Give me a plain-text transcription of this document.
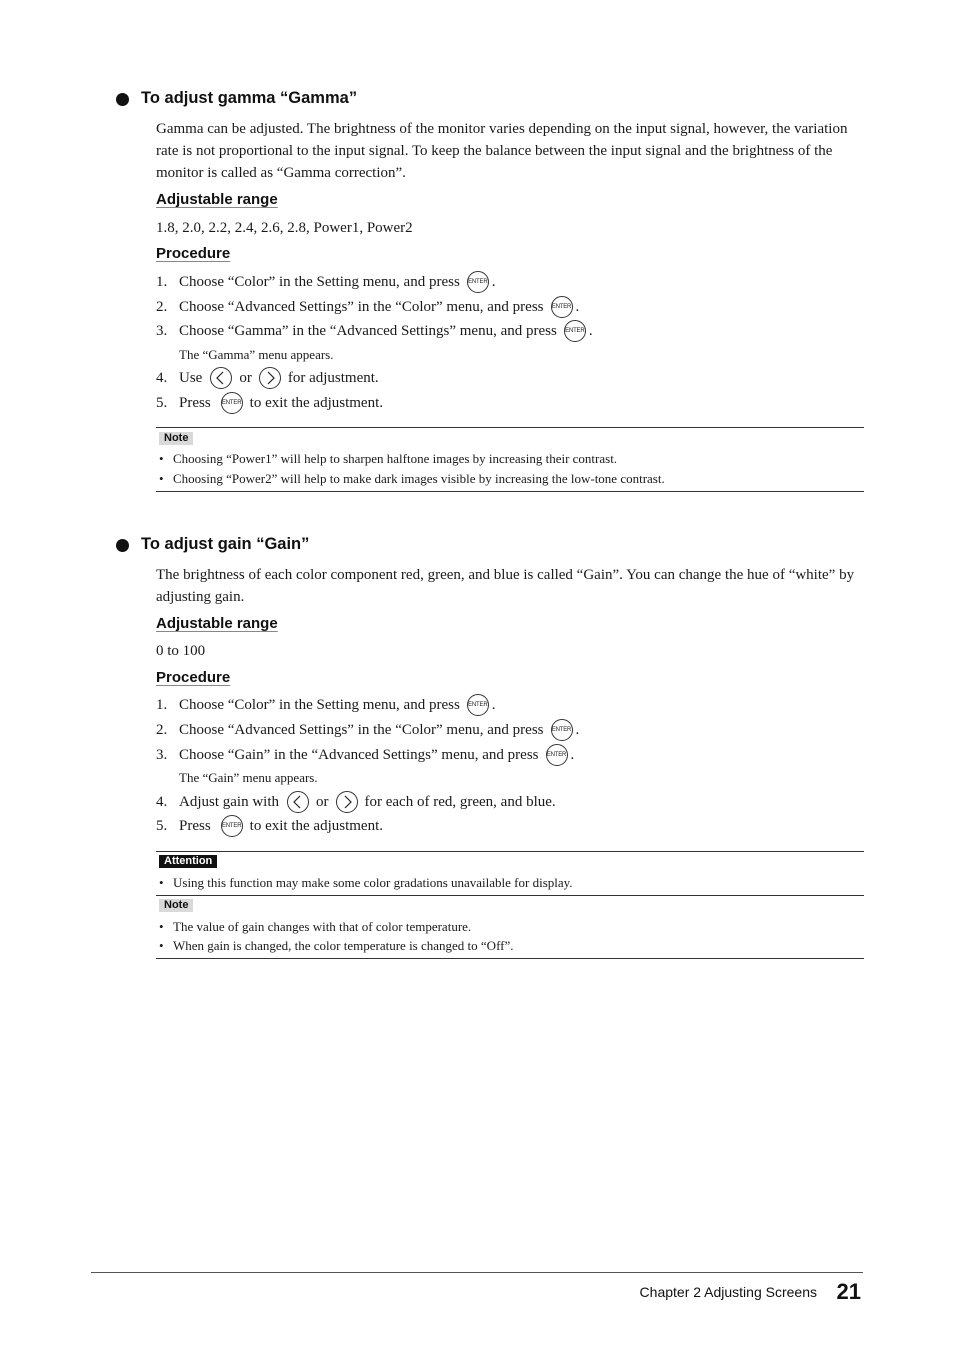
To adjust gamma “Gamma”
Gamma can be adjusted. The brightness of the monitor varies depending on the input signal, however, the variation rate is not proportional to the input signal. To keep the balance between the input signal and the brightness of the monitor is called as “Gamma correction”.
Adjustable range
1.8, 2.0, 2.2, 2.4, 2.6, 2.8, Power1, Power2
Procedure
1. Choose “Color” in the Setting menu, and press ENTER .
2. Choose “Advanced Settings” in the “Color” menu, and press ENTER .
3. Choose “Gamma” in the “Advanced Settings” menu, and press ENTER .
The “Gamma” menu appears.
4. Use or for adjustment.
5. Press ENTER to exit the adjustment.
Note
• Choosing “Power1” will help to sharpen halftone images by increasing their contrast.
• Choosing “Power2” will help to make dark images visible by increasing the low-tone contrast.
To adjust gain “Gain”
The brightness of each color component red, green, and blue is called “Gain”. You can change the hue of “white” by adjusting gain.
Adjustable range
0 to 100
Procedure
1. Choose “Color” in the Setting menu, and press ENTER .
2. Choose “Advanced Settings” in the “Color” menu, and press ENTER .
3. Choose “Gain” in the “Advanced Settings” menu, and press ENTER .
The “Gain” menu appears.
4. Adjust gain with or for each of red, green, and blue.
5. Press ENTER to exit the adjustment.
Attention
• Using this function may make some color gradations unavailable for display.
Note
• The value of gain changes with that of color temperature.
• When gain is changed, the color temperature is changed to “Off”.
Chapter 2 Adjusting Screens 21
